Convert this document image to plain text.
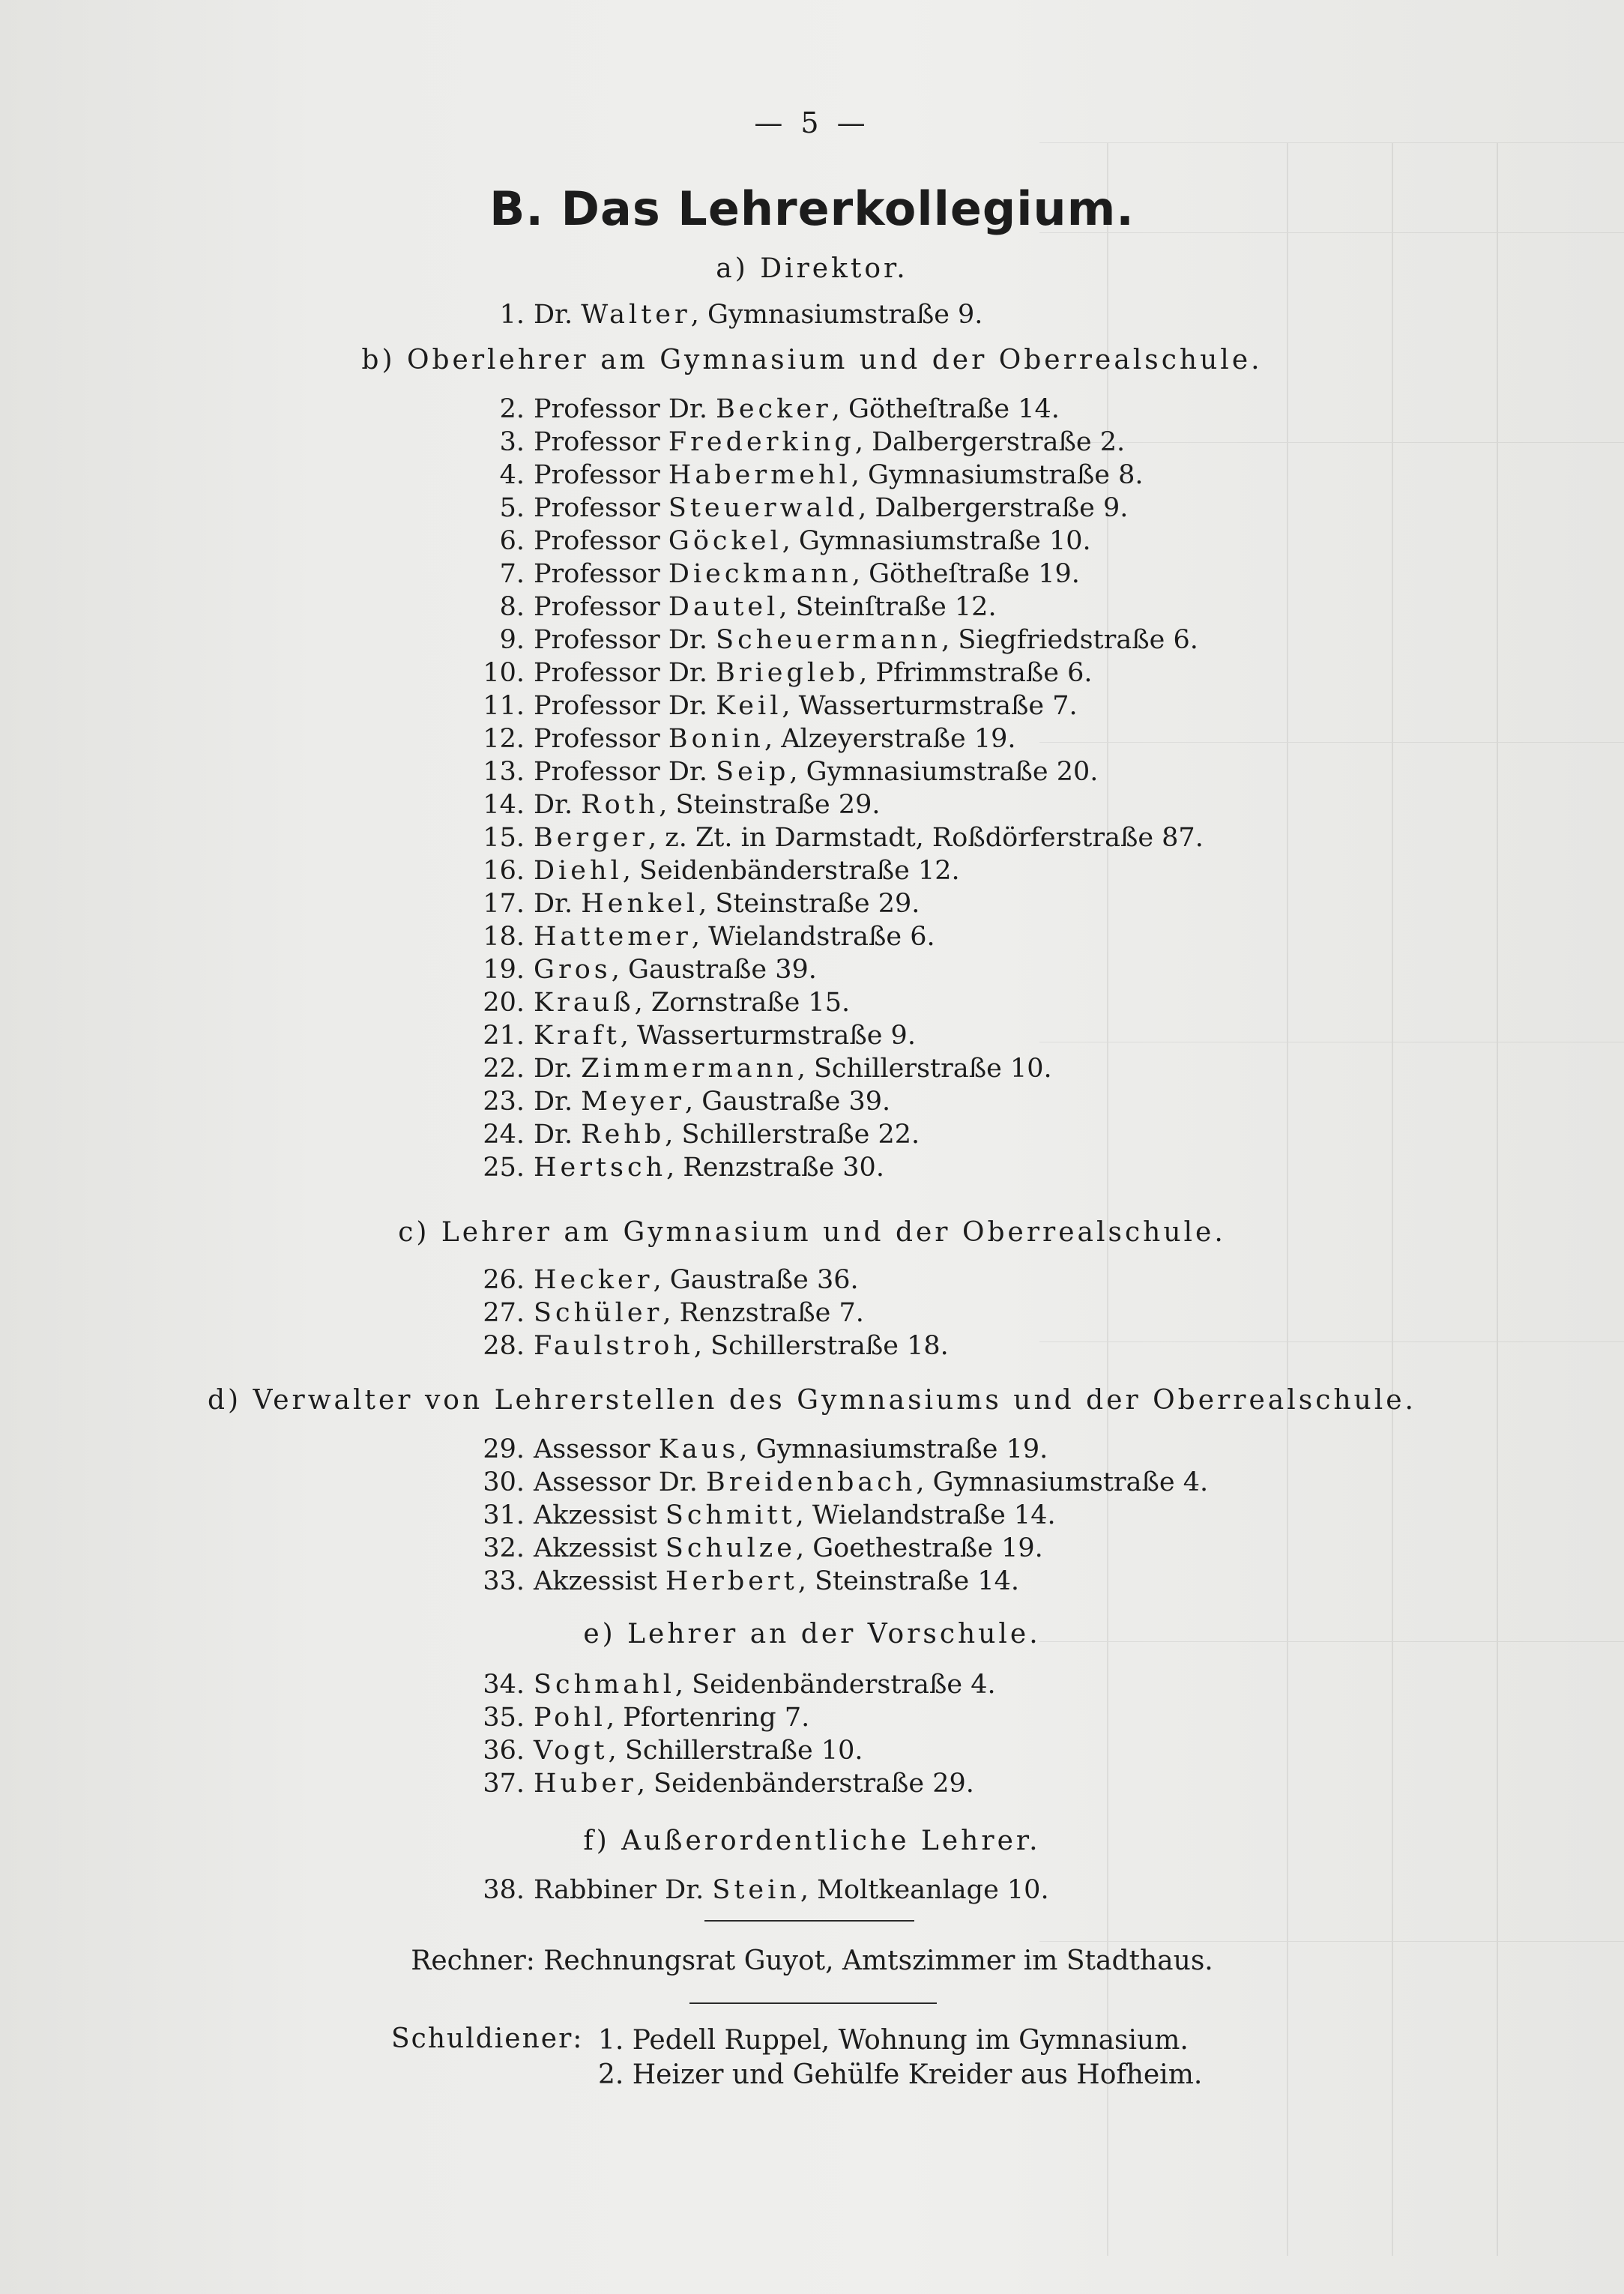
— 5 —
B. Das Lehrerkollegium.
a) Direktor.
1. Dr. Walter, Gymnasiumstraße 9.
b) Oberlehrer am Gymnasium und der Oberrealschule.
2. Professor Dr. Becker, Götheſtraße 14.
3. Professor Frederking, Dalbergerstraße 2.
4. Professor Habermehl, Gymnasiumstraße 8.
5. Professor Steuerwald, Dalbergerstraße 9.
6. Professor Göckel, Gymnasiumstraße 10.
7. Professor Dieckmann, Götheſtraße 19.
8. Professor Dautel, Steinſtraße 12.
9. Professor Dr. Scheuermann, Siegfriedstraße 6.
10. Professor Dr. Briegleb, Pfrimmstraße 6.
11. Professor Dr. Keil, Wasserturmstraße 7.
12. Professor Bonin, Alzeyerstraße 19.
13. Professor Dr. Seip, Gymnasiumstraße 20.
14. Dr. Roth, Steinstraße 29.
15. Berger, z. Zt. in Darmstadt, Roßdörferstraße 87.
16. Diehl, Seidenbänderstraße 12.
17. Dr. Henkel, Steinstraße 29.
18. Hattemer, Wielandstraße 6.
19. Gros, Gaustraße 39.
20. Krauß, Zornstraße 15.
21. Kraft, Wasserturmstraße 9.
22. Dr. Zimmermann, Schillerstraße 10.
23. Dr. Meyer, Gaustraße 39.
24. Dr. Rehb, Schillerstraße 22.
25. Hertsch, Renzstraße 30.
c) Lehrer am Gymnasium und der Oberrealschule.
26. Hecker, Gaustraße 36.
27. Schüler, Renzstraße 7.
28. Faulstroh, Schillerstraße 18.
d) Verwalter von Lehrerstellen des Gymnasiums und der Oberrealschule.
29. Assessor Kaus, Gymnasiumstraße 19.
30. Assessor Dr. Breidenbach, Gymnasiumstraße 4.
31. Akzessist Schmitt, Wielandstraße 14.
32. Akzessist Schulze, Goethestraße 19.
33. Akzessist Herbert, Steinstraße 14.
e) Lehrer an der Vorschule.
34. Schmahl, Seidenbänderstraße 4.
35. Pohl, Pfortenring 7.
36. Vogt, Schillerstraße 10.
37. Huber, Seidenbänderstraße 29.
f) Außerordentliche Lehrer.
38. Rabbiner Dr. Stein, Moltkeanlage 10.
Rechner: Rechnungsrat Guyot, Amtszimmer im Stadthaus.
Schuldiener: 1. Pedell Ruppel, Wohnung im Gymnasium.
2. Heizer und Gehülfe Kreider aus Hofheim.
